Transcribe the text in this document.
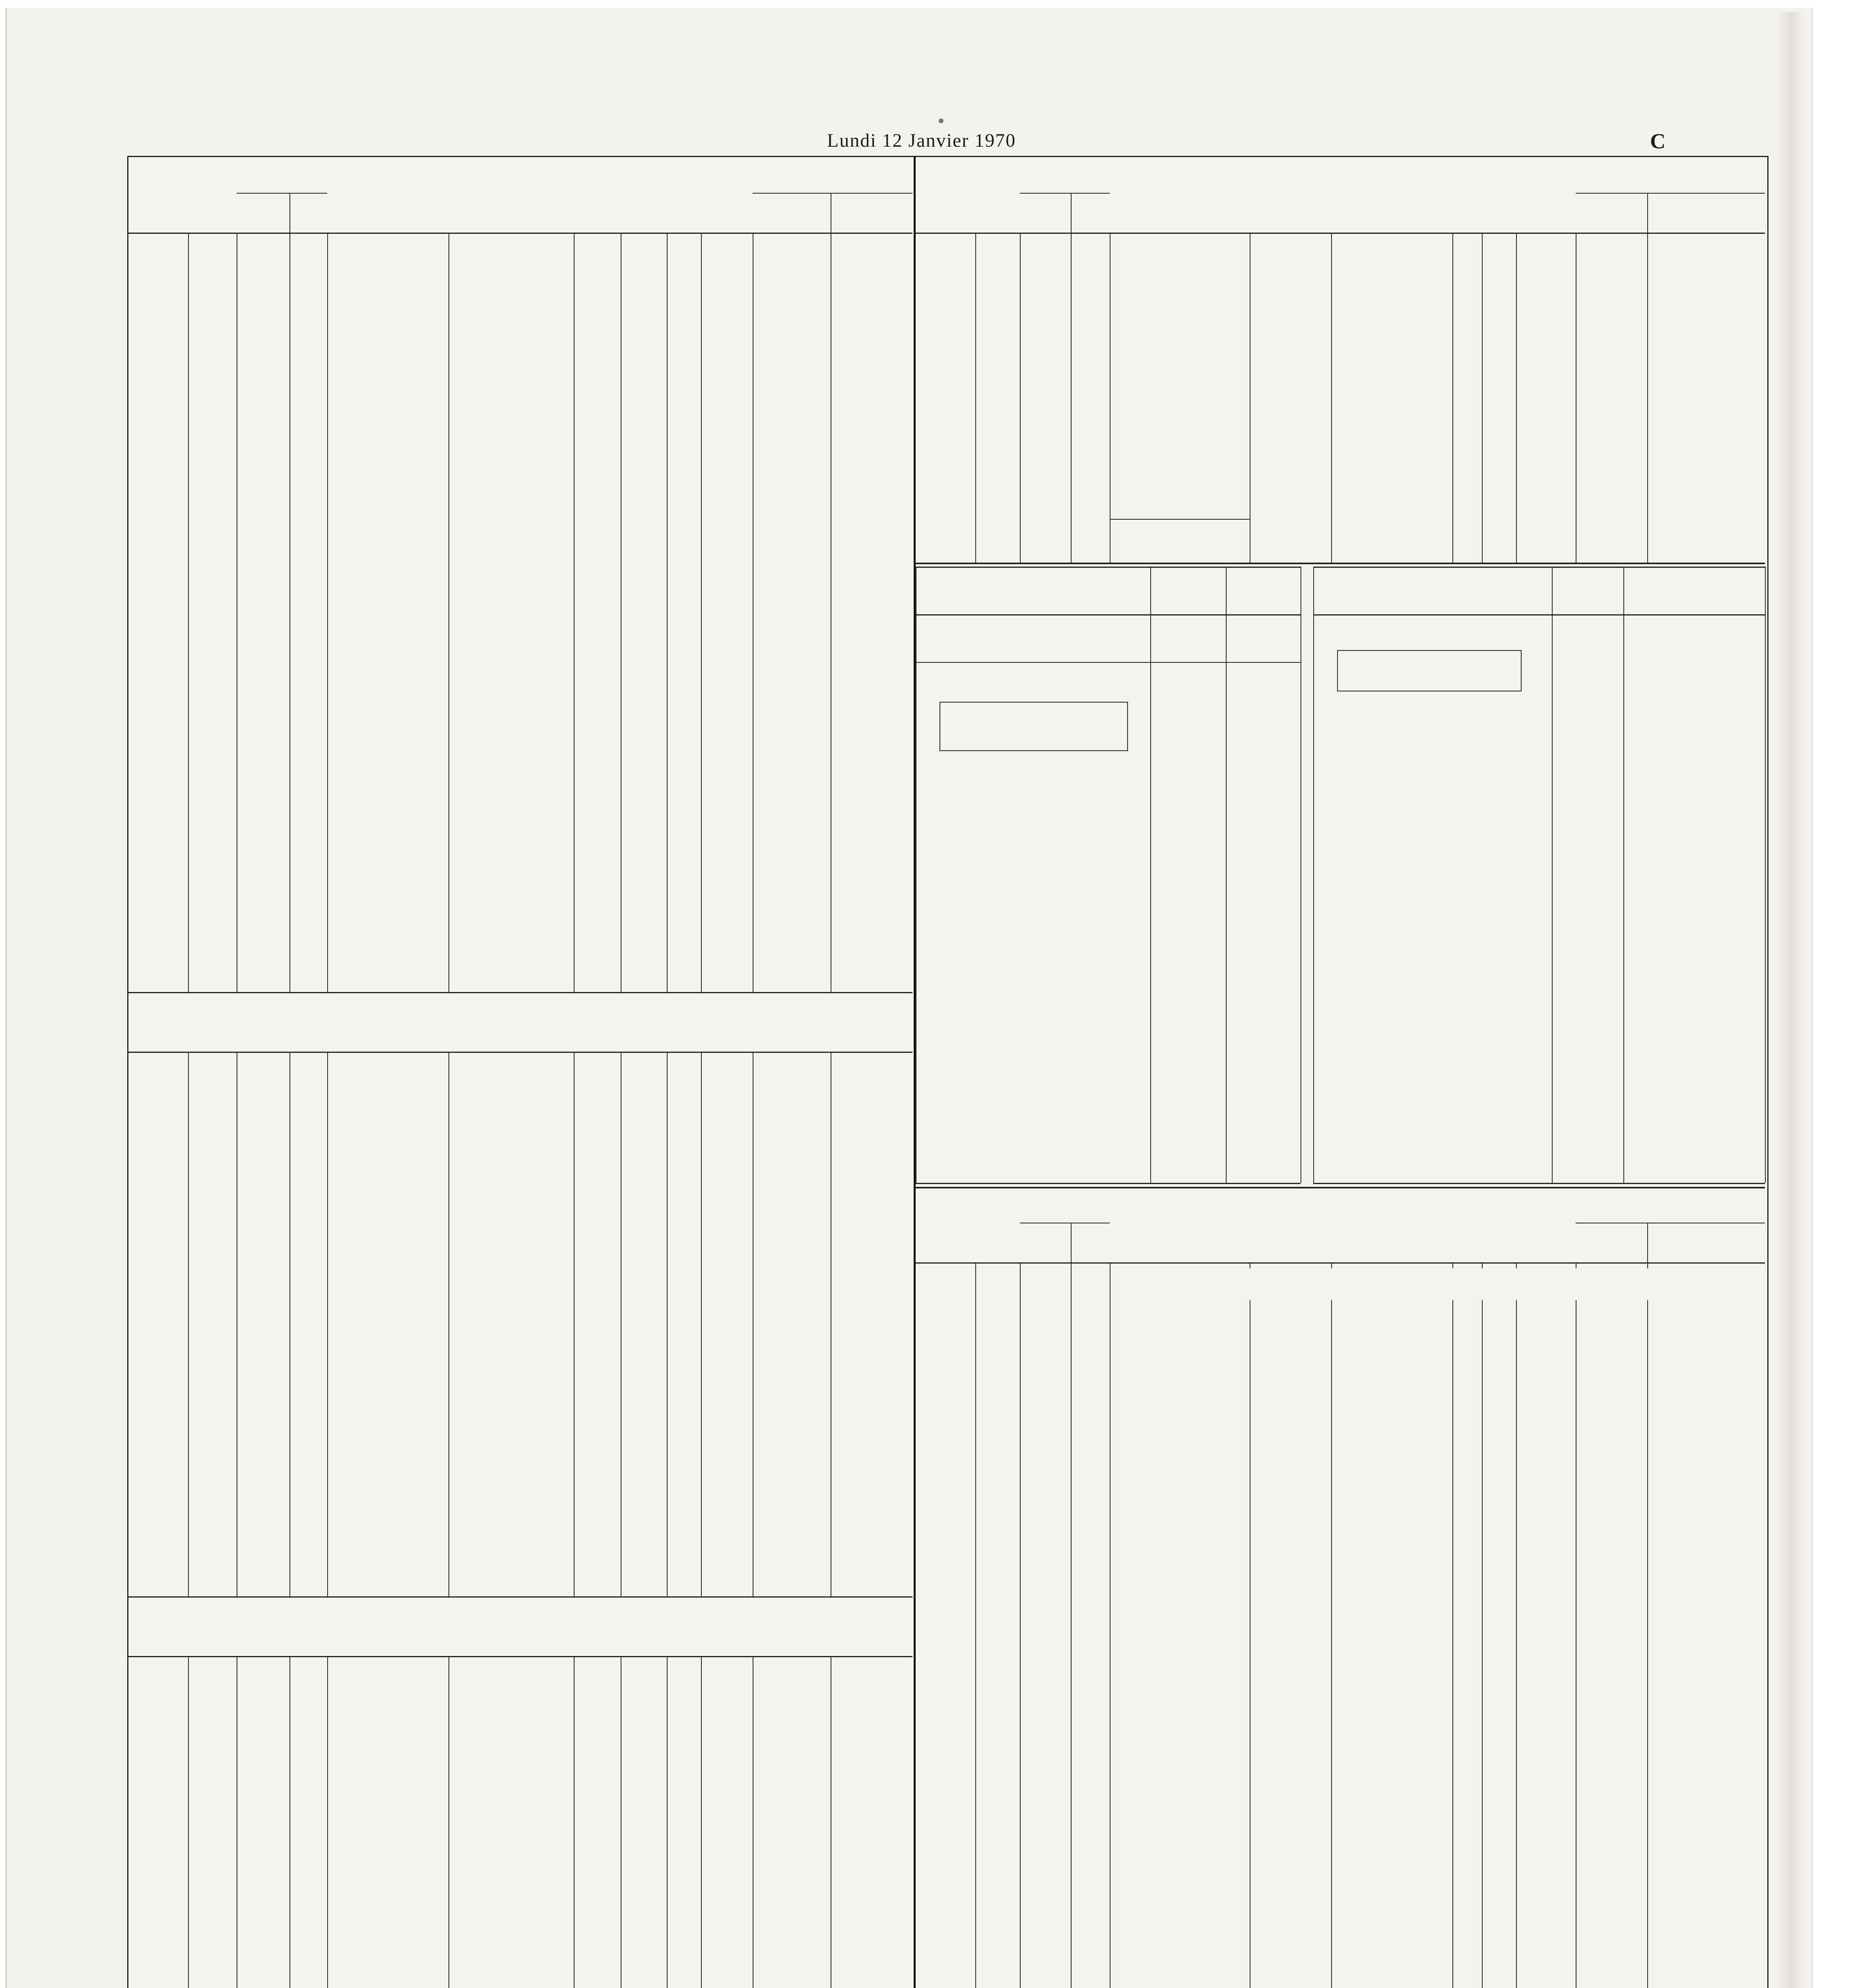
Lundi 12 Janvier 1970	C
